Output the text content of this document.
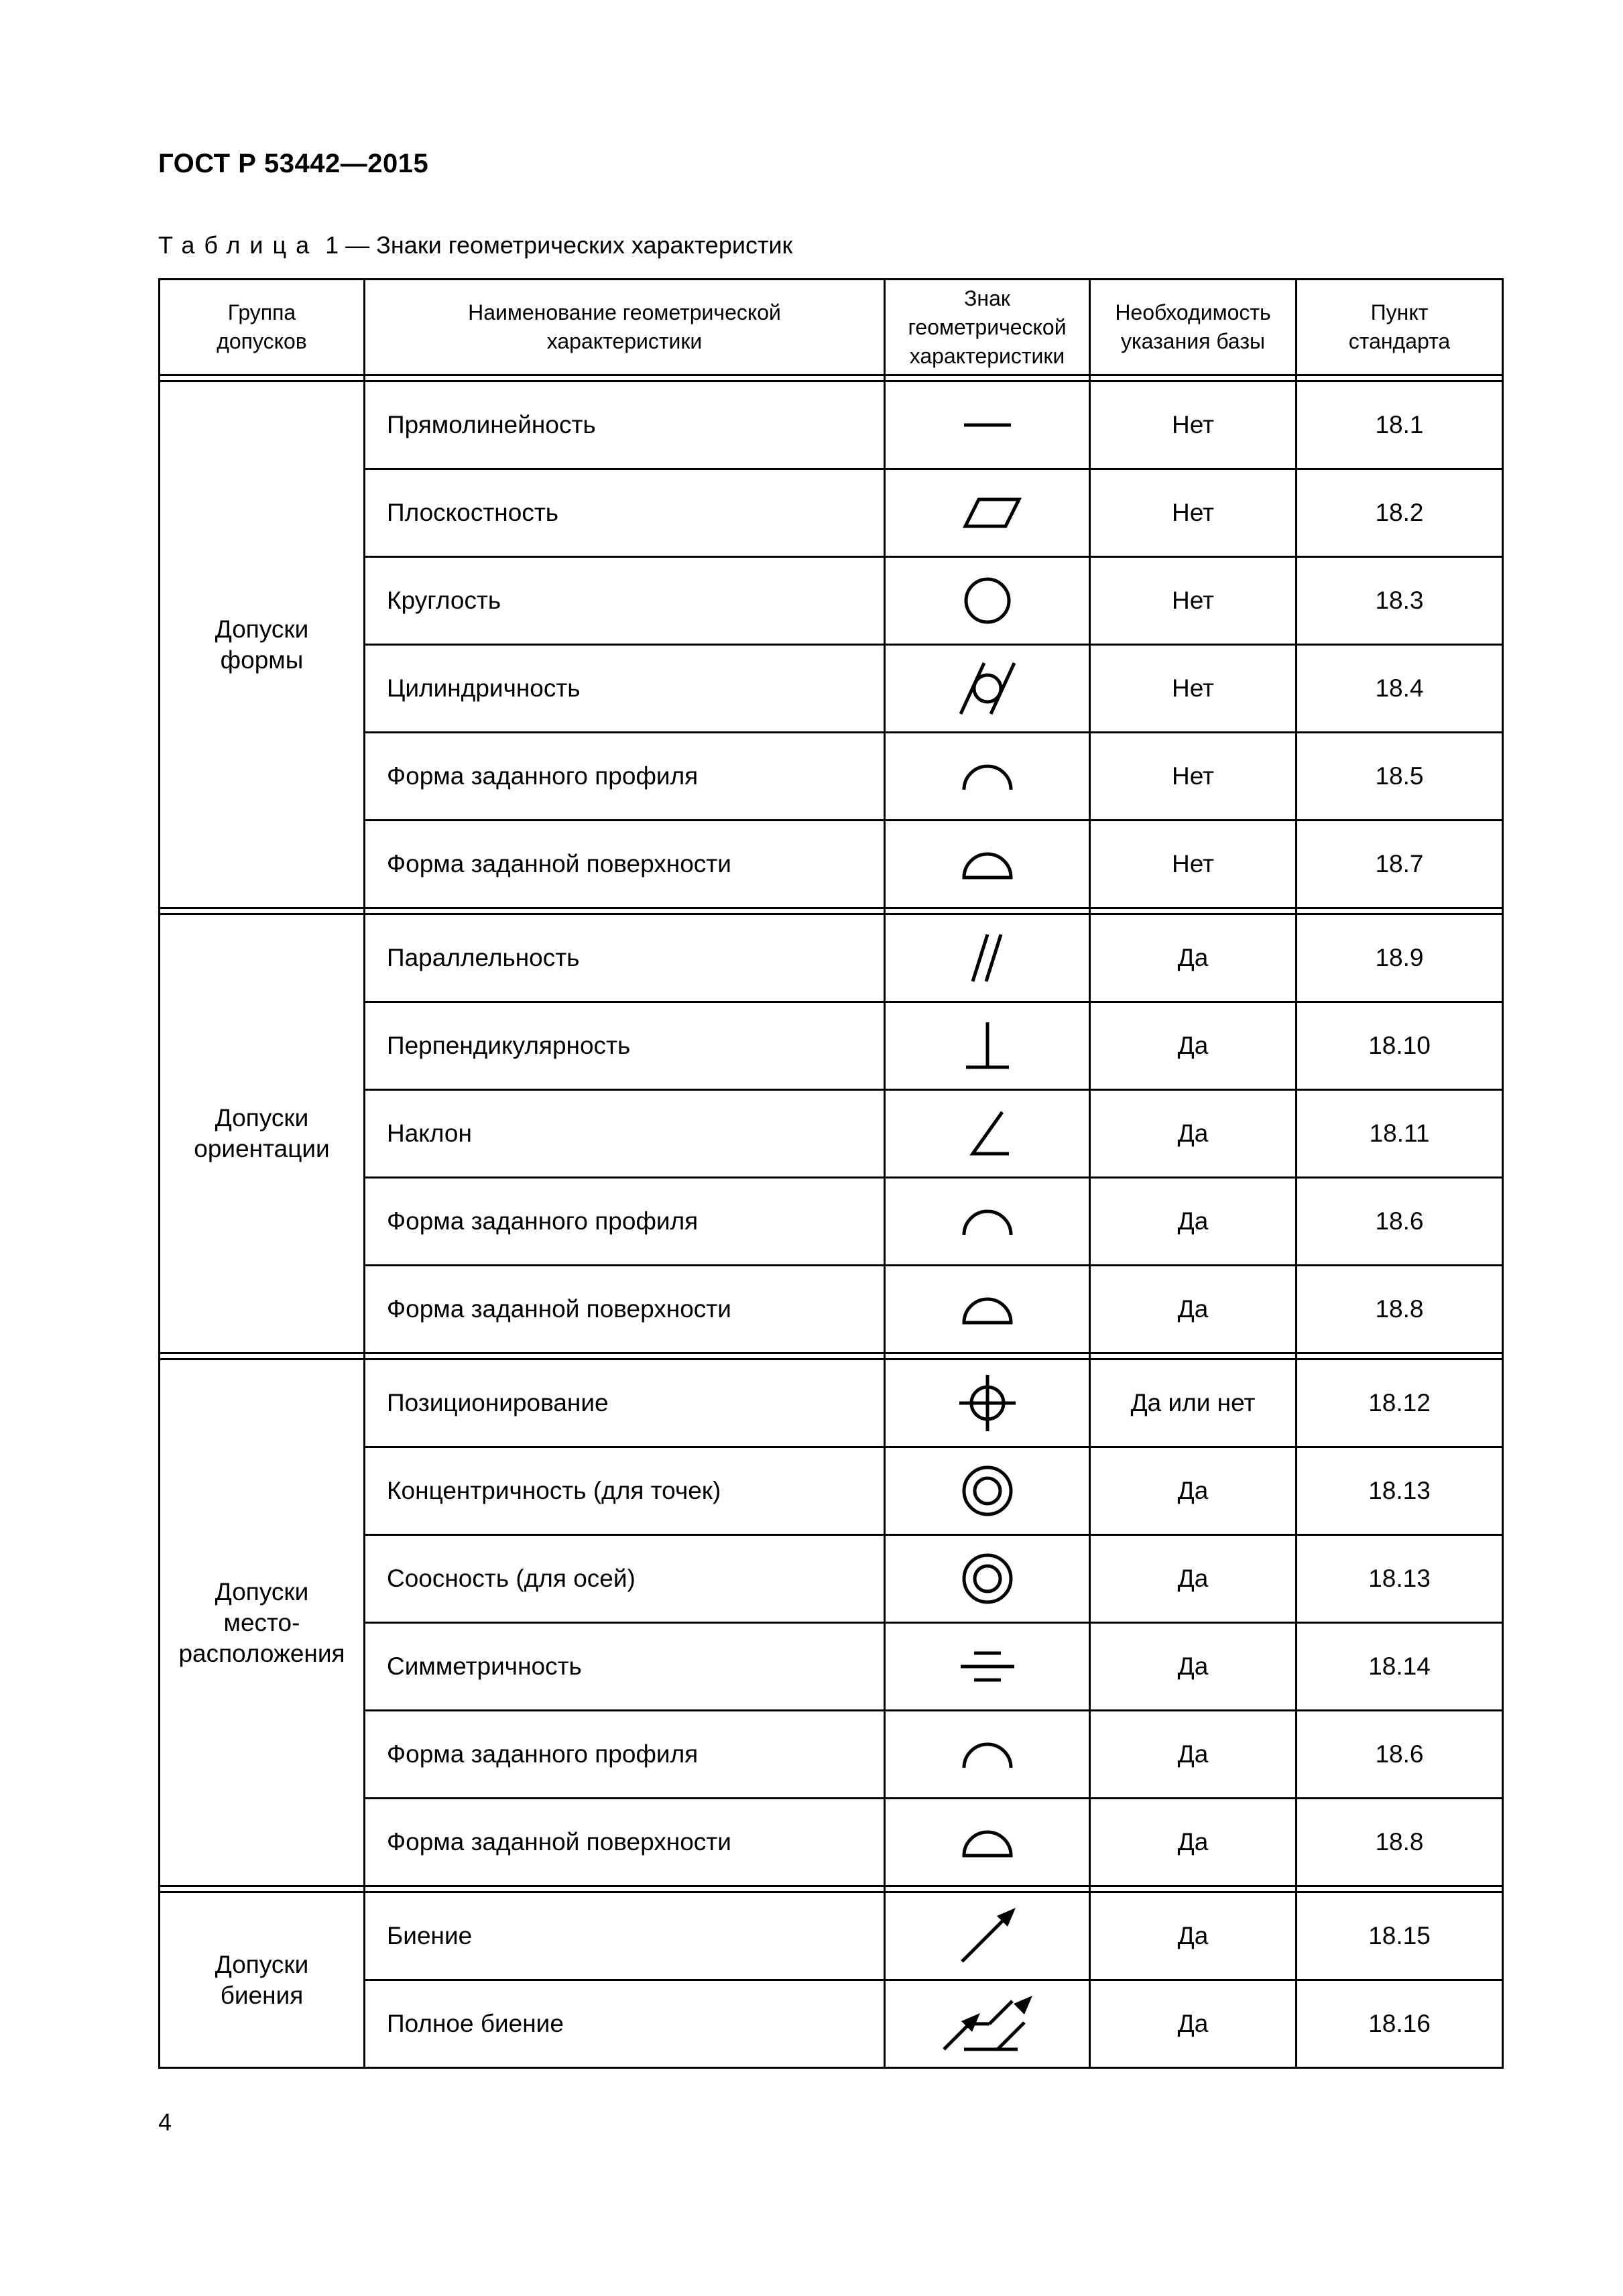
ГОСТ Р 53442—2015
Таблица 1 — Знаки геометрических характеристик
Группа допусков	Наименование геометрической характеристики	Знак геометрической характеристики	Необходимость указания базы	Пункт стандарта

Допуски формы	Прямолинейность		Нет	18.1
	Плоскостность		Нет	18.2
	Круглость		Нет	18.3
	Цилиндричность		Нет	18.4
	Форма заданного профиля		Нет	18.5
	Форма заданной поверхности		Нет	18.7

Допуски ориентации	Параллельность		Да	18.9
	Перпендикулярность		Да	18.10
	Наклон		Да	18.11
	Форма заданного профиля		Да	18.6
	Форма заданной поверхности		Да	18.8

Допуски место-расположения	Позиционирование		Да или нет	18.12
	Концентричность (для точек)		Да	18.13
	Соосность (для осей)		Да	18.13
	Симметричность		Да	18.14
	Форма заданного профиля		Да	18.6
	Форма заданной поверхности		Да	18.8

Допуски биения	Биение		Да	18.15
	Полное биение		Да	18.16
4
